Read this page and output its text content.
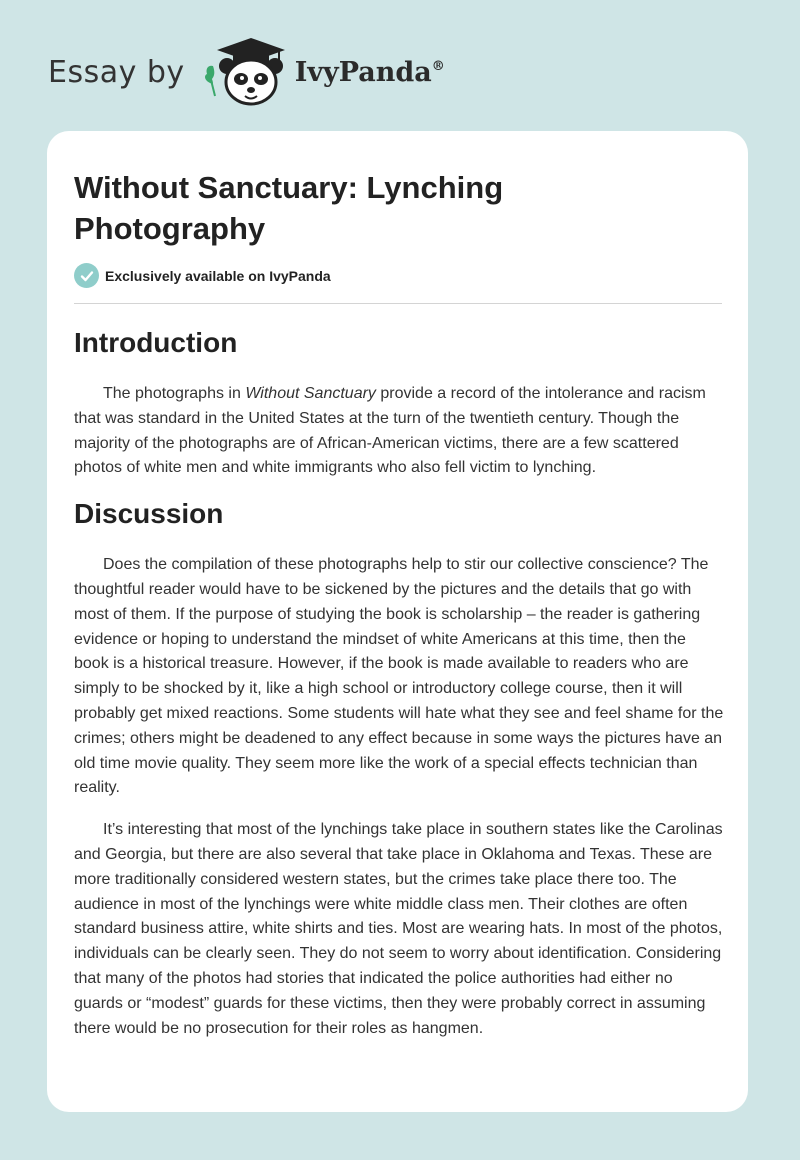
Essay by	IvyPanda®
Without Sanctuary: Lynching Photography
Exclusively available on IvyPanda
Introduction

The photographs in Without Sanctuary provide a record of the intolerance and racism that was standard in the United States at the turn of the twentieth century. Though the majority of the photographs are of African-American victims, there are a few scattered photos of white men and white immigrants who also fell victim to lynching.

Discussion

Does the compilation of these photographs help to stir our collective conscience? The thoughtful reader would have to be sickened by the pictures and the details that go with most of them. If the purpose of studying the book is scholarship – the reader is gathering evidence or hoping to understand the mindset of white Americans at this time, then the book is a historical treasure. However, if the book is made available to readers who are simply to be shocked by it, like a high school or introductory college course, then it will probably get mixed reactions. Some students will hate what they see and feel shame for the crimes; others might be deadened to any effect because in some ways the pictures have an old time movie quality. They seem more like the work of a special effects technician than reality.

It’s interesting that most of the lynchings take place in southern states like the Carolinas and Georgia, but there are also several that take place in Oklahoma and Texas. These are more traditionally considered western states, but the crimes take place there too. The audience in most of the lynchings were white middle class men. Their clothes are often standard business attire, white shirts and ties. Most are wearing hats. In most of the photos, individuals can be clearly seen. They do not seem to worry about identification. Considering that many of the photos had stories that indicated the police authorities had either no guards or “modest” guards for these victims, then they were probably correct in assuming there would be no prosecution for their roles as hangmen.
